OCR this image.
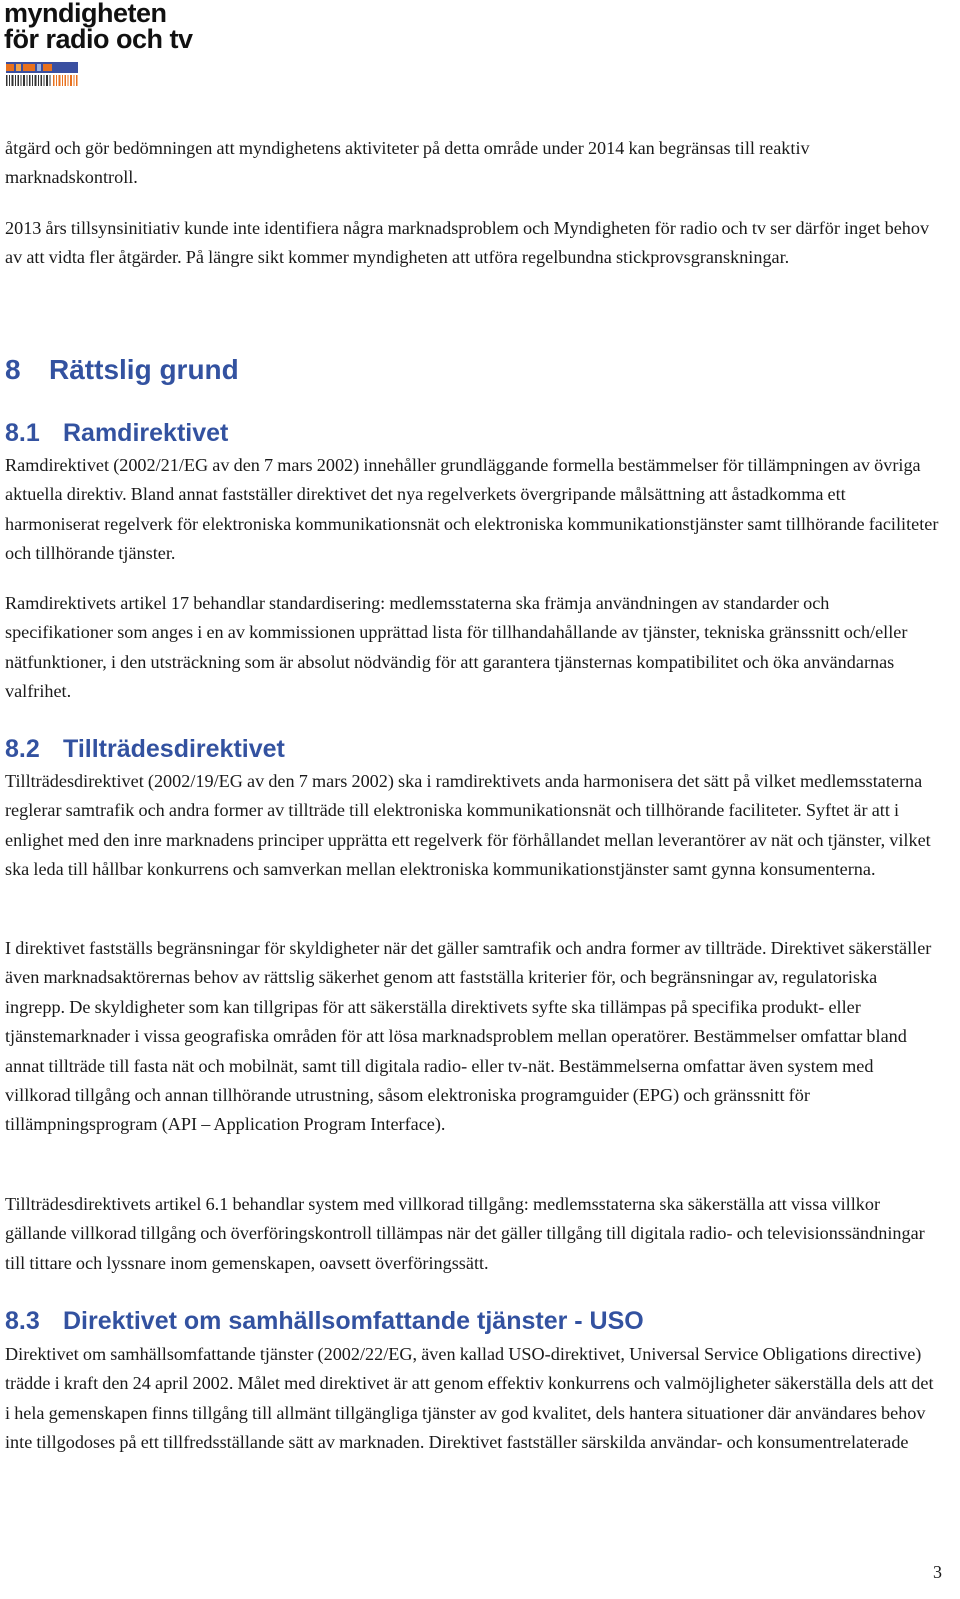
myndigheten
för radio och tv

åtgärd och gör bedömningen att myndighetens aktiviteter på detta område under 2014 kan begränsas till reaktiv marknadskontroll.

2013 års tillsynsinitiativ kunde inte identifiera några marknadsproblem och Myndigheten för radio och tv ser därför inget behov av att vidta fler åtgärder. På längre sikt kommer myndigheten att utföra regelbundna stickprovsgranskningar.

8 Rättslig grund
8.1 Ramdirektivet

Ramdirektivet (2002/21/EG av den 7 mars 2002) innehåller grundläggande formella bestämmelser för tillämpningen av övriga aktuella direktiv. Bland annat fastställer direktivet det nya regelverkets övergripande målsättning att åstadkomma ett harmoniserat regelverk för elektroniska kommunikationsnät och elektroniska kommunikationstjänster samt tillhörande faciliteter och tillhörande tjänster.

Ramdirektivets artikel 17 behandlar standardisering: medlemsstaterna ska främja användningen av standarder och specifikationer som anges i en av kommissionen upprättad lista för tillhandahållande av tjänster, tekniska gränssnitt och/eller nätfunktioner, i den utsträckning som är absolut nödvändig för att garantera tjänsternas kompatibilitet och öka användarnas valfrihet.

8.2 Tillträdesdirektivet

Tillträdesdirektivet (2002/19/EG av den 7 mars 2002) ska i ramdirektivets anda harmonisera det sätt på vilket medlemsstaterna reglerar samtrafik och andra former av tillträde till elektroniska kommunikationsnät och tillhörande faciliteter. Syftet är att i enlighet med den inre marknadens principer upprätta ett regelverk för förhållandet mellan leverantörer av nät och tjänster, vilket ska leda till hållbar konkurrens och samverkan mellan elektroniska kommunikationstjänster samt gynna konsumenterna.

I direktivet fastställs begränsningar för skyldigheter när det gäller samtrafik och andra former av tillträde. Direktivet säkerställer även marknadsaktörernas behov av rättslig säkerhet genom att fastställa kriterier för, och begränsningar av, regulatoriska ingrepp. De skyldigheter som kan tillgripas för att säkerställa direktivets syfte ska tillämpas på specifika produkt- eller tjänstemarknader i vissa geografiska områden för att lösa marknadsproblem mellan operatörer. Bestämmelser omfattar bland annat tillträde till fasta nät och mobilnät, samt till digitala radio- eller tv-nät. Bestämmelserna omfattar även system med villkorad tillgång och annan tillhörande utrustning, såsom elektroniska programguider (EPG) och gränssnitt för tillämpningsprogram (API – Application Program Interface).

Tillträdesdirektivets artikel 6.1 behandlar system med villkorad tillgång: medlemsstaterna ska säkerställa att vissa villkor gällande villkorad tillgång och överföringskontroll tillämpas när det gäller tillgång till digitala radio- och televisionssändningar till tittare och lyssnare inom gemenskapen, oavsett överföringssätt.

8.3 Direktivet om samhällsomfattande tjänster - USO

Direktivet om samhällsomfattande tjänster (2002/22/EG, även kallad USO-direktivet, Universal Service Obligations directive) trädde i kraft den 24 april 2002. Målet med direktivet är att genom effektiv konkurrens och valmöjligheter säkerställa dels att det i hela gemenskapen finns tillgång till allmänt tillgängliga tjänster av god kvalitet, dels hantera situationer där användares behov inte tillgodoses på ett tillfredsställande sätt av marknaden. Direktivet fastställer särskilda användar- och konsumentrelaterade

3
